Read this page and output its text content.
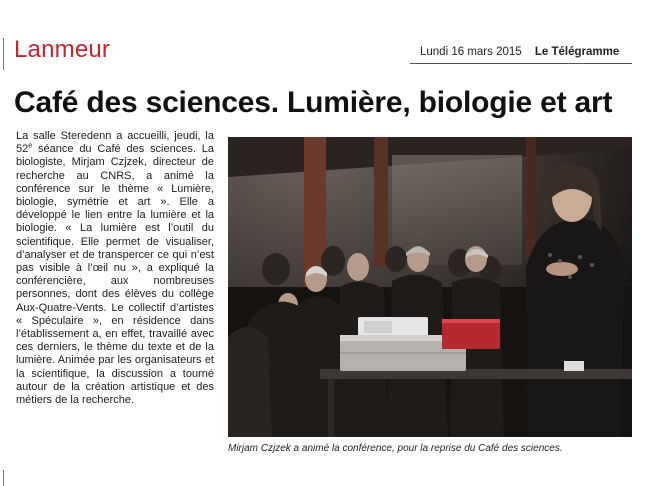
Lanmeur	Lundi 16 mars 2015 Le Télégramme
Café des sciences. Lumière, biologie et art
La salle Steredenn a accueilli, jeudi, la 52e séance du Café des sciences. La biologiste, Mirjam Czjzek, directeur de recherche au CNRS, a animé la conférence sur le thème « Lumière, biologie, symétrie et art ». Elle a développé le lien entre la lumière et la biologie. « La lumière est l’outil du scientifique. Elle permet de visualiser, d’analyser et de transpercer ce qui n’est pas visible à l’œil nu », a expliqué la conférencière, aux nombreuses personnes, dont des élèves du collège Aux-Quatre-Vents. Le collectif d’artistes « Spéculaire », en résidence dans l’établissement a, en effet, travaillé avec ces derniers, le thème du texte et de la lumière. Animée par les organisateurs et la scientifique, la discussion a tourné autour de la création artistique et des métiers de la recherche.
Mirjam Czjzek a animé la conférence, pour la reprise du Café des sciences.
